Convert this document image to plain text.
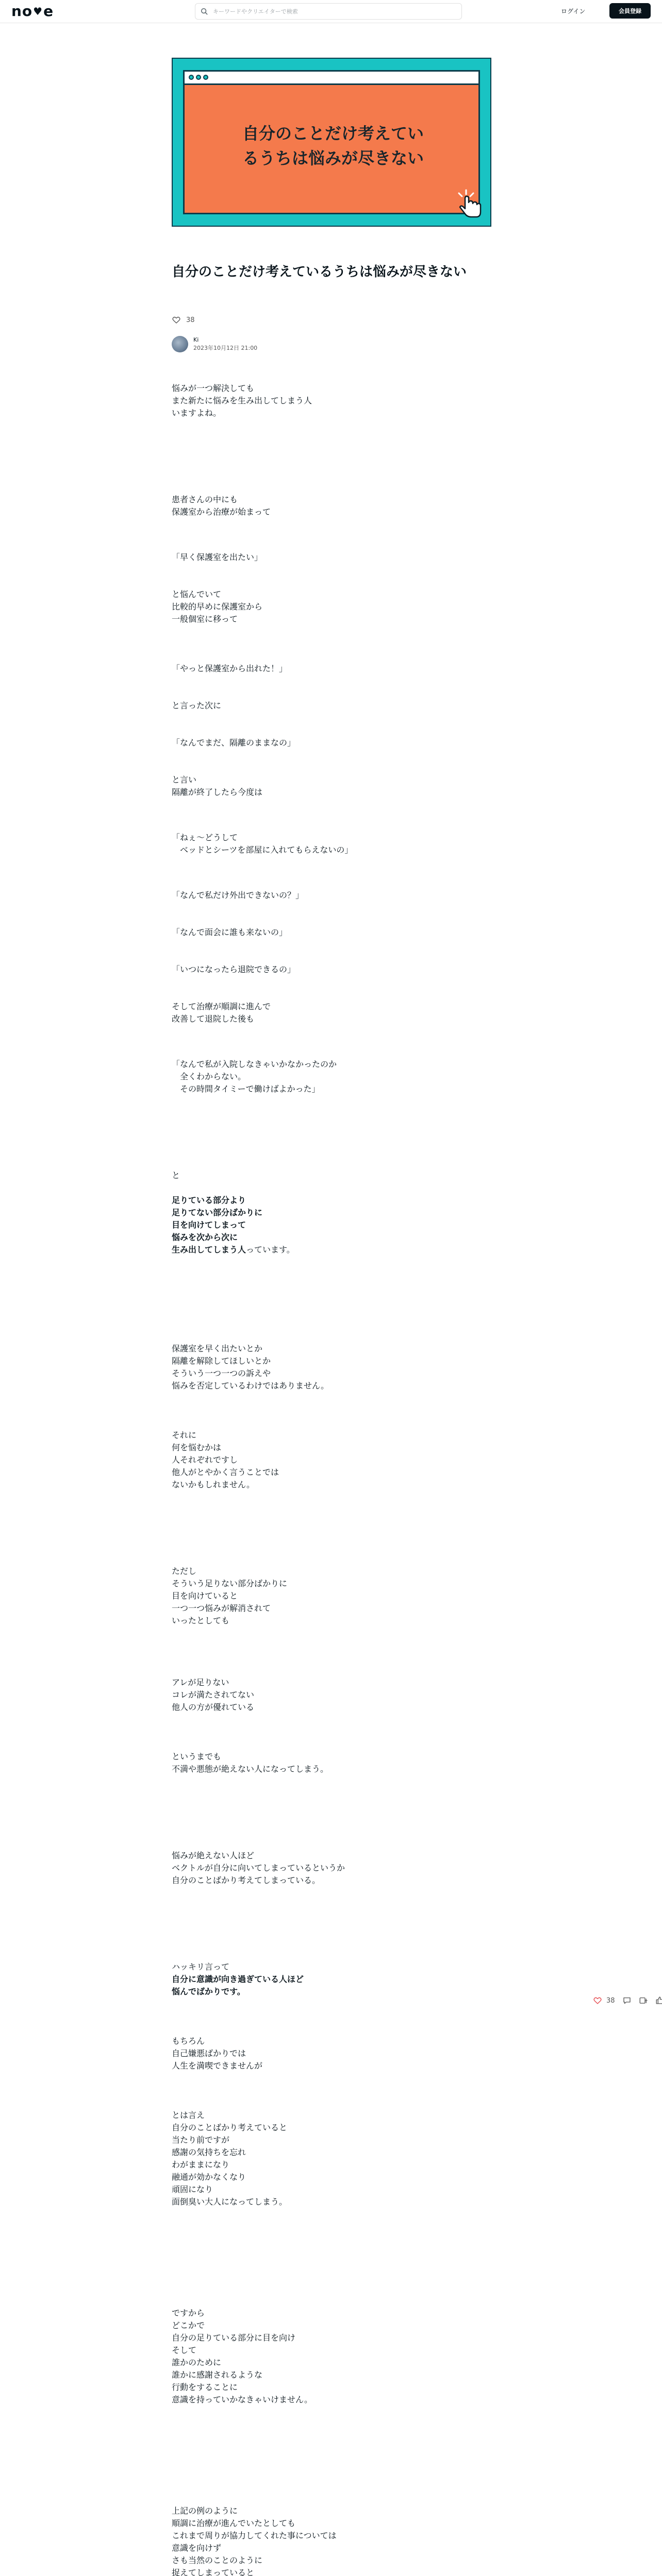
no ♥ e
キーワードやクリエイターで検索	ログイン	会員登録
自分のことだけ考えてい
るうちは悩みが尽きない
自分のことだけ考えているうちは悩みが尽きない
38
Ki
2023年10月12日 21:00
悩みが一つ解決しても
また新たに悩みを生み出してしまう人
いますよね。
患者さんの中にも
保護室から治療が始まって
「早く保護室を出たい」
と悩んでいて
比較的早めに保護室から
一般個室に移って
「やっと保護室から出れた！」
と言った次に
「なんでまだ、隔離のままなの」
と言い
隔離が終了したら今度は
「ねぇ〜どうして
　ベッドとシーツを部屋に入れてもらえないの」
「なんで私だけ外出できないの？」
「なんで面会に誰も来ないの」
「いつになったら退院できるの」
そして治療が順調に進んで
改善して退院した後も
「なんで私が入院しなきゃいかなかったのか
　全くわからない。
　その時間タイミーで働けばよかった」
と
足りている部分より
足りてない部分ばかりに
目を向けてしまって
悩みを次から次に
生み出してしまう人っています。
保護室を早く出たいとか
隔離を解除してほしいとか
そういう一つ一つの訴えや
悩みを否定しているわけではありません。
それに
何を悩むかは
人それぞれですし
他人がとやかく言うことでは
ないかもしれません。
ただし
そういう足りない部分ばかりに
目を向けていると
一つ一つ悩みが解消されて
いったとしても
アレが足りない
コレが満たされてない
他人の方が優れている
というまでも
不満や悪態が絶えない人になってしまう。
悩みが絶えない人ほど
ベクトルが自分に向いてしまっているというか
自分のことばかり考えてしまっている。
ハッキリ言って
自分に意識が向き過ぎている人ほど
悩んでばかりです。
もちろん
自己嫌悪ばかりでは
人生を満喫できませんが
とは言え
自分のことばかり考えていると
当たり前ですが
感謝の気持ちを忘れ
わがままになり
融通が効かなくなり
頑固になり
面倒臭い大人になってしまう。
ですから
どこかで
自分の足りている部分に目を向け
そして
誰かのために
誰かに感謝されるような
行動をすることに
意識を持っていかなきゃいけません。
上記の例のように
順調に治療が進んでいたとしても
これまで周りが協力してくれた事については
意識を向けず
さも当然のことのように
捉えてしまっていると
38
